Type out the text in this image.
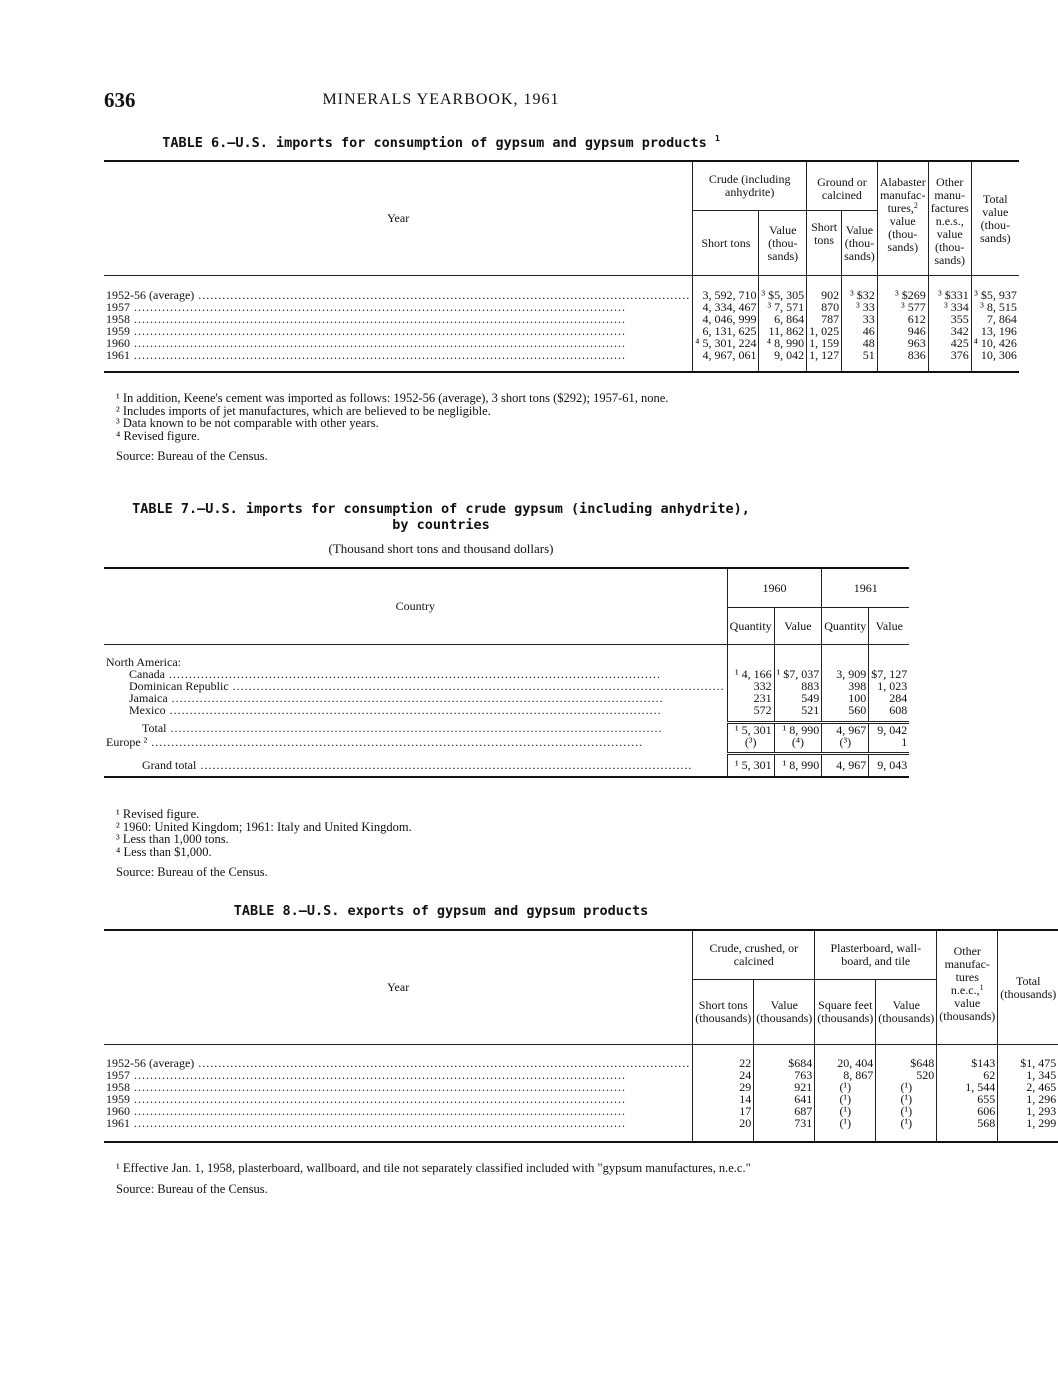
636	MINERALS YEARBOOK, 1961
TABLE 6.—U.S. imports for consumption of gypsum and gypsum products $^1$
Year	Crude (including anhydrite)		Ground or calcined		Alabaster manufac-tures,$^2$ value (thou-sands)	Other manu-factures n.e.s., value (thou-sands)	Total value (thou-sands)
	Short tons	Value (thou-sands)	Short tons	Value (thou-sands)			

1952-56 (average) .....	3, 592, 710	³ $5, 305	902	³ $32	³ $269	³ $331	³ $5, 937
1957 .....	4, 334, 467	³ 7, 571	870	³ 33	³ 577	³ 334	³ 8, 515
1958 .....	4, 046, 999	6, 864	787	33	612	355	7, 864
1959 .....	6, 131, 625	11, 862	1, 025	46	946	342	13, 196
1960 .....	⁴ 5, 301, 224	⁴ 8, 990	1, 159	48	963	425	⁴ 10, 426
1961 .....	4, 967, 061	9, 042	1, 127	51	836	376	10, 306

¹ In addition, Keene's cement was imported as follows: 1952-56 (average), 3 short tons ($292); 1957-61, none.
² Includes imports of jet manufactures, which are believed to be negligible.
³ Data known to be not comparable with other years.
⁴ Revised figure.
Source: Bureau of the Census.
TABLE 7.—U.S. imports for consumption of crude gypsum (including anhydrite),
by countries
(Thousand short tons and thousand dollars)
Country	1960		1961	
	Quantity	Value	Quantity	Value

North America:				
Canada .....	¹ 4, 166	¹ $7, 037	3, 909	$7, 127
Dominican Republic .....	332	883	398	1, 023
Jamaica .....	231	549	100	284
Mexico .....	572	521	560	608

Total .....	¹ 5, 301	¹ 8, 990	4, 967	9, 042
Europe ² .....	(³)	(⁴)	(³)	1

Grand total .....	¹ 5, 301	¹ 8, 990	4, 967	9, 043
¹ Revised figure.
² 1960: United Kingdom; 1961: Italy and United Kingdom.
³ Less than 1,000 tons.
⁴ Less than $1,000.
Source: Bureau of the Census.
TABLE 8.—U.S. exports of gypsum and gypsum products
Year	Crude, crushed, or calcined		Plasterboard, wall-board, and tile		Other manufac-tures n.e.c.,$^1$ value (thousands)	Total (thousands)
	Short tons (thousands)	Value (thousands)	Square feet (thousands)	Value (thousands)		

1952-56 (average) .....	22	$684	20, 404	$648	$143	$1, 475
1957 .....	24	763	8, 867	520	62	1, 345
1958 .....	29	921	(¹)	(¹)	1, 544	2, 465
1959 .....	14	641	(¹)	(¹)	655	1, 296
1960 .....	17	687	(¹)	(¹)	606	1, 293
1961 .....	20	731	(¹)	(¹)	568	1, 299

¹ Effective Jan. 1, 1958, plasterboard, wallboard, and tile not separately classified included with "gypsum manufactures, n.e.c."
Source: Bureau of the Census.
